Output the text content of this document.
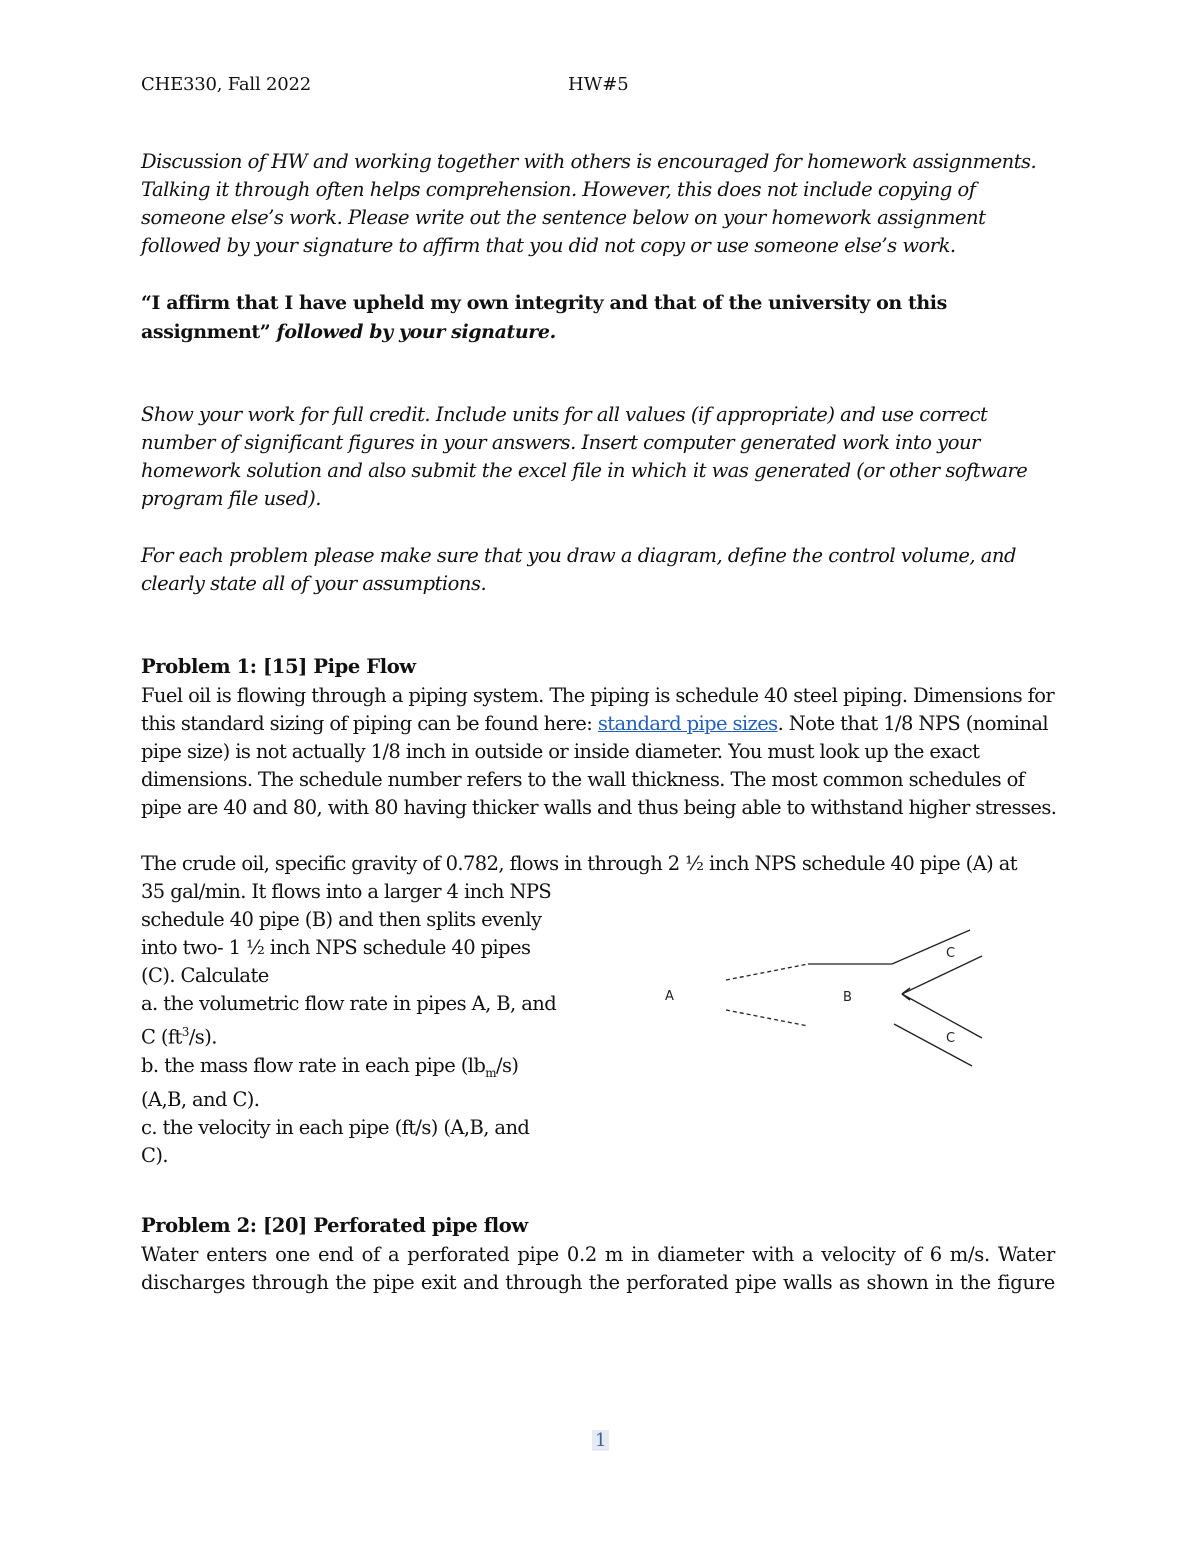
CHE330, Fall 2022	HW#5

Discussion of HW and working together with others is encouraged for homework assignments. Talking it through often helps comprehension. However, this does not include copying of someone else’s work. Please write out the sentence below on your homework assignment followed by your signature to affirm that you did not copy or use someone else’s work.

“I affirm that I have upheld my own integrity and that of the university on this assignment” followed by your signature.

Show your work for full credit. Include units for all values (if appropriate) and use correct number of significant figures in your answers. Insert computer generated work into your homework solution and also submit the excel file in which it was generated (or other software program file used).

For each problem please make sure that you draw a diagram, define the control volume, and clearly state all of your assumptions.

Problem 1: [15] Pipe Flow

Fuel oil is flowing through a piping system. The piping is schedule 40 steel piping. Dimensions for this standard sizing of piping can be found here: standard pipe sizes. Note that 1/8 NPS (nominal pipe size) is not actually 1/8 inch in outside or inside diameter. You must look up the exact dimensions. The schedule number refers to the wall thickness. The most common schedules of pipe are 40 and 80, with 80 having thicker walls and thus being able to withstand higher stresses.

The crude oil, specific gravity of 0.782, flows in through 2 ½ inch NPS schedule 40 pipe (A) at
35 gal/min. It flows into a larger 4 inch NPS
schedule 40 pipe (B) and then splits evenly
into two- 1 ½ inch NPS schedule 40 pipes
(C). Calculate
a. the volumetric flow rate in pipes A, B, and
C $(ft^3/s)$.
b. the mass flow rate in each pipe $(lb_m/s)$
(A,B, and C).
c. the velocity in each pipe (ft/s) (A,B, and
C).
A	B
C
C
Problem 2: [20] Perforated pipe flow
Water enters one end of a perforated pipe 0.2 m in diameter with a velocity of 6 m/s. Water
discharges through the pipe exit and through the perforated pipe walls as shown in the figure
1
